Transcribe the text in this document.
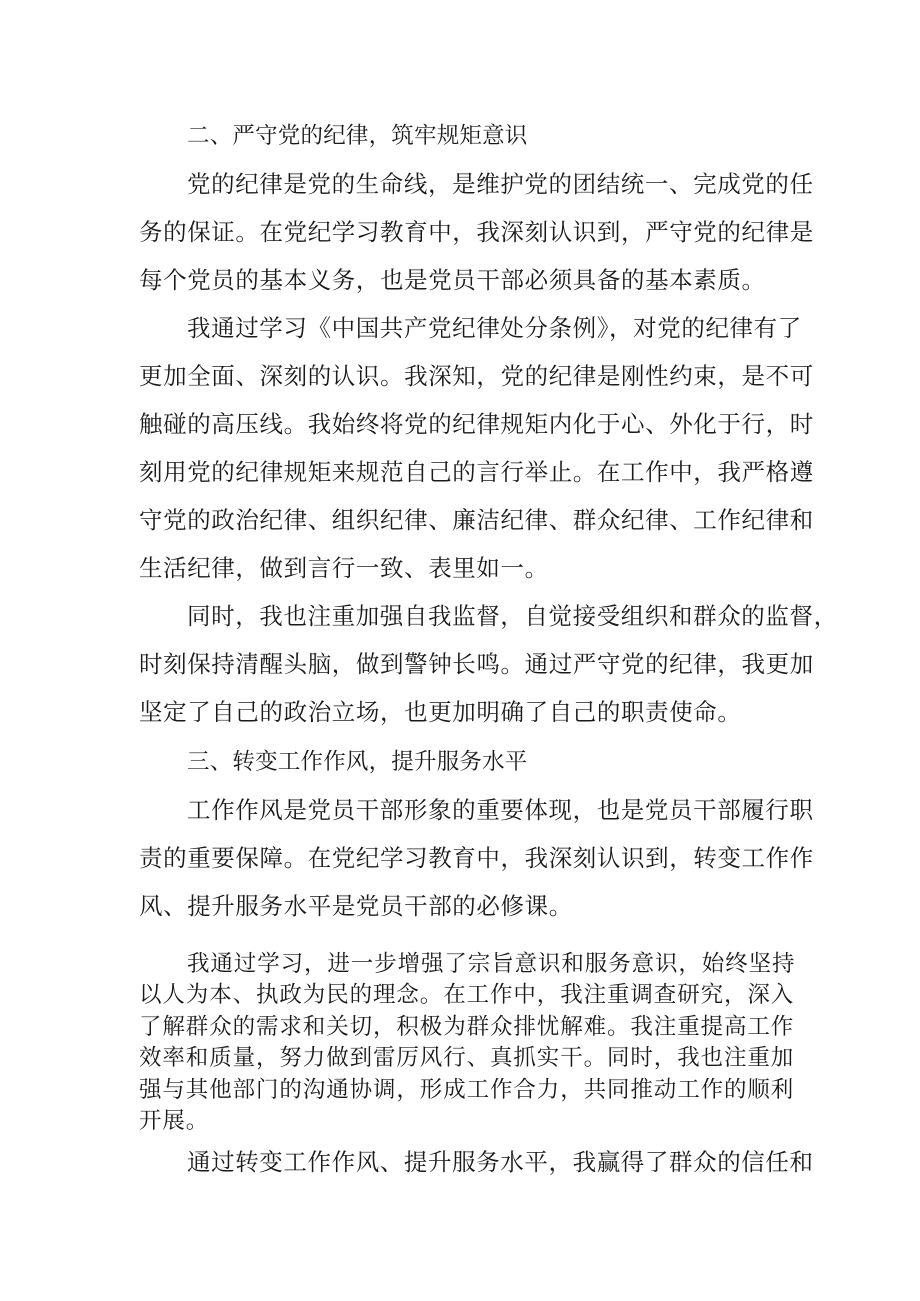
二、严守党的纪律，筑牢规矩意识
党的纪律是党的生命线，是维护党的团结统一、完成党的任
务的保证。在党纪学习教育中，我深刻认识到，严守党的纪律是
每个党员的基本义务，也是党员干部必须具备的基本素质。
我通过学习《中国共产党纪律处分条例》，对党的纪律有了
更加全面、深刻的认识。我深知，党的纪律是刚性约束，是不可
触碰的高压线。我始终将党的纪律规矩内化于心、外化于行，时
刻用党的纪律规矩来规范自己的言行举止。在工作中，我严格遵
守党的政治纪律、组织纪律、廉洁纪律、群众纪律、工作纪律和
生活纪律，做到言行一致、表里如一。
同时，我也注重加强自我监督，自觉接受组织和群众的监督，
时刻保持清醒头脑，做到警钟长鸣。通过严守党的纪律，我更加
坚定了自己的政治立场，也更加明确了自己的职责使命。
三、转变工作作风，提升服务水平
工作作风是党员干部形象的重要体现，也是党员干部履行职
责的重要保障。在党纪学习教育中，我深刻认识到，转变工作作
风、提升服务水平是党员干部的必修课。
我通过学习，进一步增强了宗旨意识和服务意识，始终坚持
以人为本、执政为民的理念。在工作中，我注重调查研究，深入
了解群众的需求和关切，积极为群众排忧解难。我注重提高工作
效率和质量，努力做到雷厉风行、真抓实干。同时，我也注重加
强与其他部门的沟通协调，形成工作合力，共同推动工作的顺利
开展。
通过转变工作作风、提升服务水平，我赢得了群众的信任和
